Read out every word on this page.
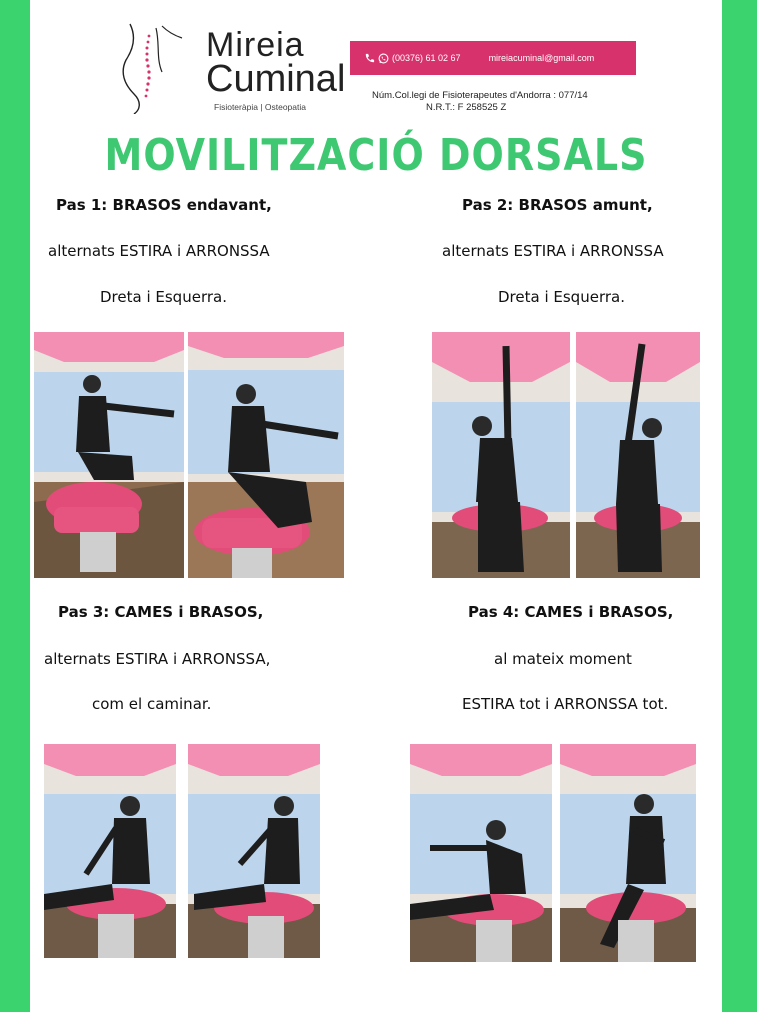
Mireia
Cuminal
Fisioteràpia | Osteopatia
(00376) 61 02 67	mireiacuminal@gmail.com
Núm.Col.legi de Fisioterapeutes d'Andorra : 077/14
N.R.T.: F 258525 Z
MOVILITZACIÓ DORSALS
Pas 1: BRASOS endavant,
alternats ESTIRA i ARRONSSA
Dreta i Esquerra.
Pas 2: BRASOS amunt,
alternats ESTIRA i ARRONSSA
Dreta i Esquerra.
Pas 3: CAMES i BRASOS,
alternats ESTIRA i ARRONSSA,
com el caminar.
Pas 4: CAMES i BRASOS,
al mateix moment
ESTIRA tot i ARRONSSA tot.
